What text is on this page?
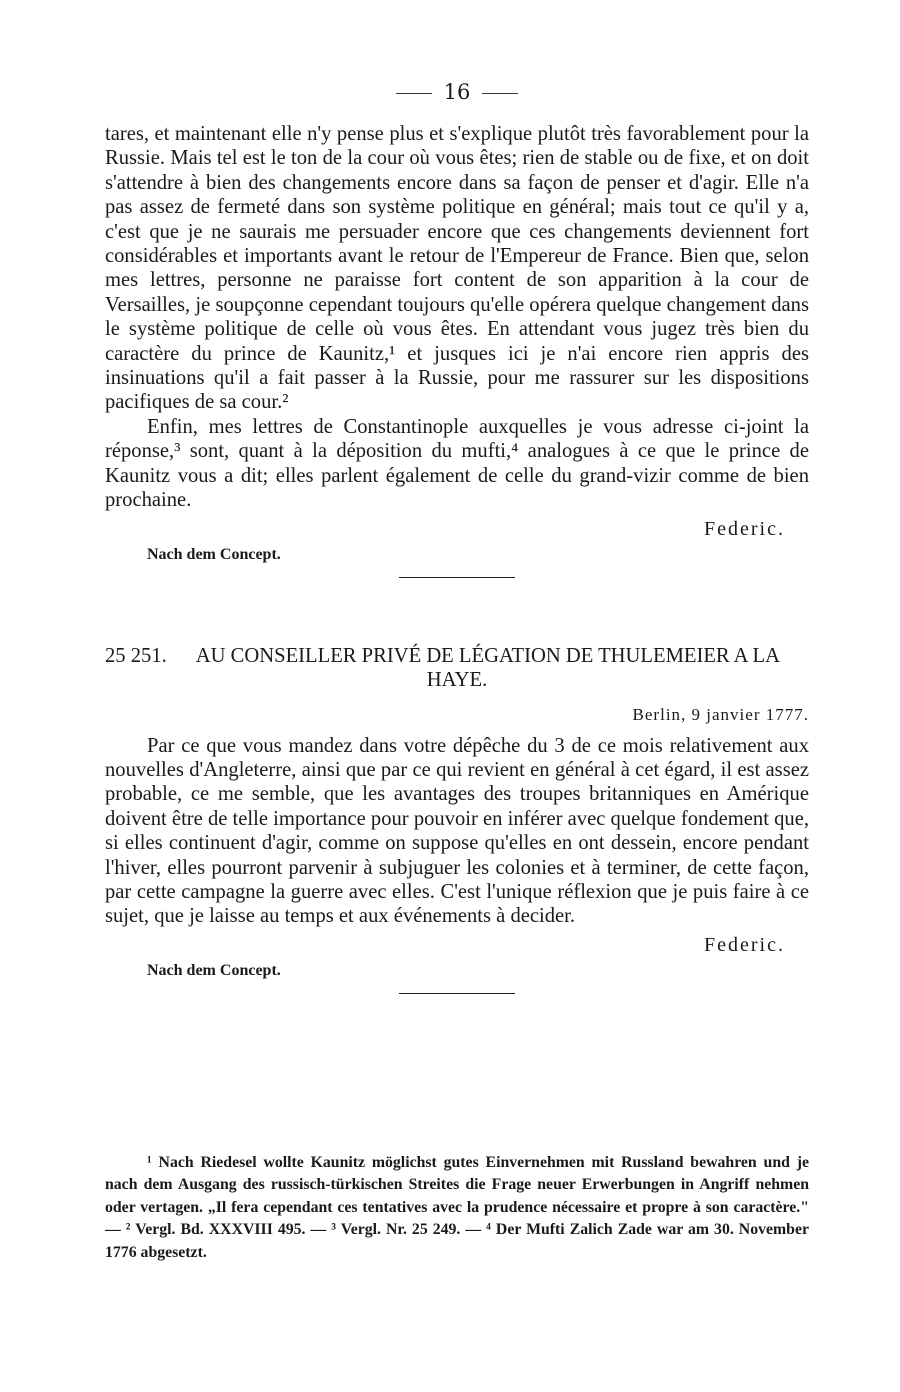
16

tares, et maintenant elle n'y pense plus et s'explique plutôt très favorablement pour la Russie. Mais tel est le ton de la cour où vous êtes; rien de stable ou de fixe, et on doit s'attendre à bien des changements encore dans sa façon de penser et d'agir. Elle n'a pas assez de fermeté dans son système politique en général; mais tout ce qu'il y a, c'est que je ne saurais me persuader encore que ces changements deviennent fort considérables et importants avant le retour de l'Empereur de France. Bien que, selon mes lettres, personne ne paraisse fort content de son apparition à la cour de Versailles, je soupçonne cependant toujours qu'elle opérera quelque changement dans le système politique de celle où vous êtes. En attendant vous jugez très bien du caractère du prince de Kaunitz,¹ et jusques ici je n'ai encore rien appris des insinuations qu'il a fait passer à la Russie, pour me rassurer sur les dispositions pacifiques de sa cour.²

Enfin, mes lettres de Constantinople auxquelles je vous adresse ci-joint la réponse,³ sont, quant à la déposition du mufti,⁴ analogues à ce que le prince de Kaunitz vous a dit; elles parlent également de celle du grand-vizir comme de bien prochaine.

Federic.

Nach dem Concept.

25 251. AU CONSEILLER PRIVÉ DE LÉGATION DE THULEMEIER A LA HAYE.

Berlin, 9 janvier 1777.

Par ce que vous mandez dans votre dépêche du 3 de ce mois relativement aux nouvelles d'Angleterre, ainsi que par ce qui revient en général à cet égard, il est assez probable, ce me semble, que les avantages des troupes britanniques en Amérique doivent être de telle importance pour pouvoir en inférer avec quelque fondement que, si elles continuent d'agir, comme on suppose qu'elles en ont dessein, encore pendant l'hiver, elles pourront parvenir à subjuguer les colonies et à terminer, de cette façon, par cette campagne la guerre avec elles. C'est l'unique réflexion que je puis faire à ce sujet, que je laisse au temps et aux événements à decider.

Federic.

Nach dem Concept.

¹ Nach Riedesel wollte Kaunitz möglichst gutes Einvernehmen mit Russland bewahren und je nach dem Ausgang des russisch-türkischen Streites die Frage neuer Erwerbungen in Angriff nehmen oder vertagen. „Il fera cependant ces tentatives avec la prudence nécessaire et propre à son caractère." — ² Vergl. Bd. XXXVIII 495. — ³ Vergl. Nr. 25 249. — ⁴ Der Mufti Zalich Zade war am 30. November 1776 abgesetzt.
